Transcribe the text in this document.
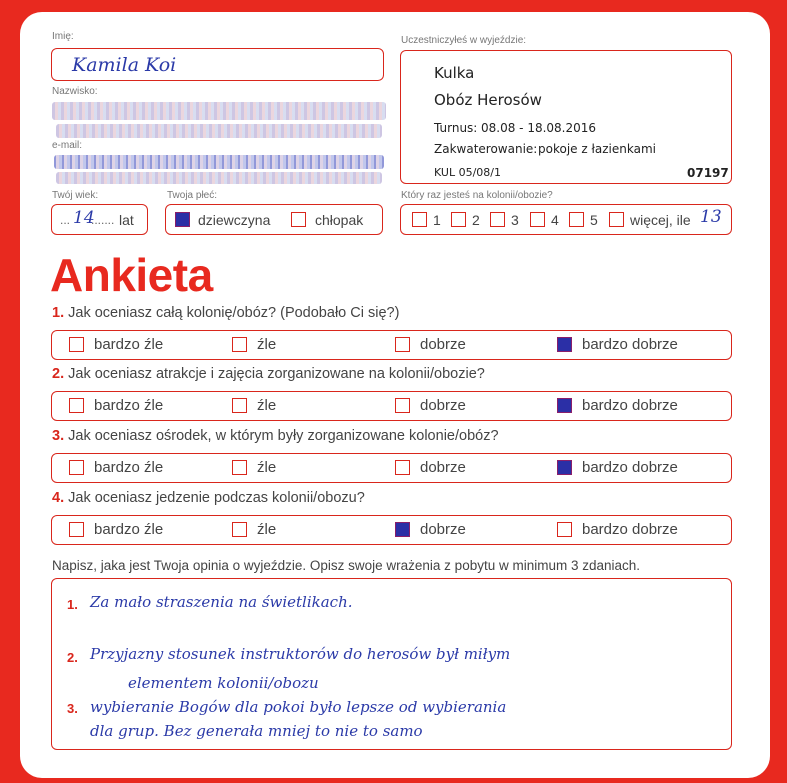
Imię:
Kamila Koi
Nazwisko:
e-mail:
Twój wiek:
... 14
....... lat
Twoja płeć:
dziewczyna	chłopak
Uczestniczyłeś w wyjeździe:
Kulka
Obóz Herosów
Turnus: 08.08 - 18.08.2016
Zakwaterowanie: pokoje z łazienkami
KUL 05/08/1	07197
Który raz jesteś na kolonii/obozie?
1 2 3 4 5 więcej, ile 13
Ankieta
1. Jak oceniasz całą kolonię/obóz? (Podobało Ci się?)
bardzo źle	źle	dobrze	bardzo dobrze
2. Jak oceniasz atrakcje i zajęcia zorganizowane na kolonii/obozie?
bardzo źle	źle	dobrze	bardzo dobrze
3. Jak oceniasz ośrodek, w którym były zorganizowane kolonie/obóz?
bardzo źle	źle	dobrze	bardzo dobrze
4. Jak oceniasz jedzenie podczas kolonii/obozu?
bardzo źle	źle	dobrze	bardzo dobrze
Napisz, jaka jest Twoja opinia o wyjeździe. Opisz swoje wrażenia z pobytu w minimum 3 zdaniach.
1.
2.
3.
Za mało straszenia na świetlikach.
Przyjazny stosunek instruktorów do herosów był miłym
elementem kolonii/obozu
wybieranie Bogów dla pokoi było lepsze od wybierania
dla grup. Bez generała mniej to nie to samo
